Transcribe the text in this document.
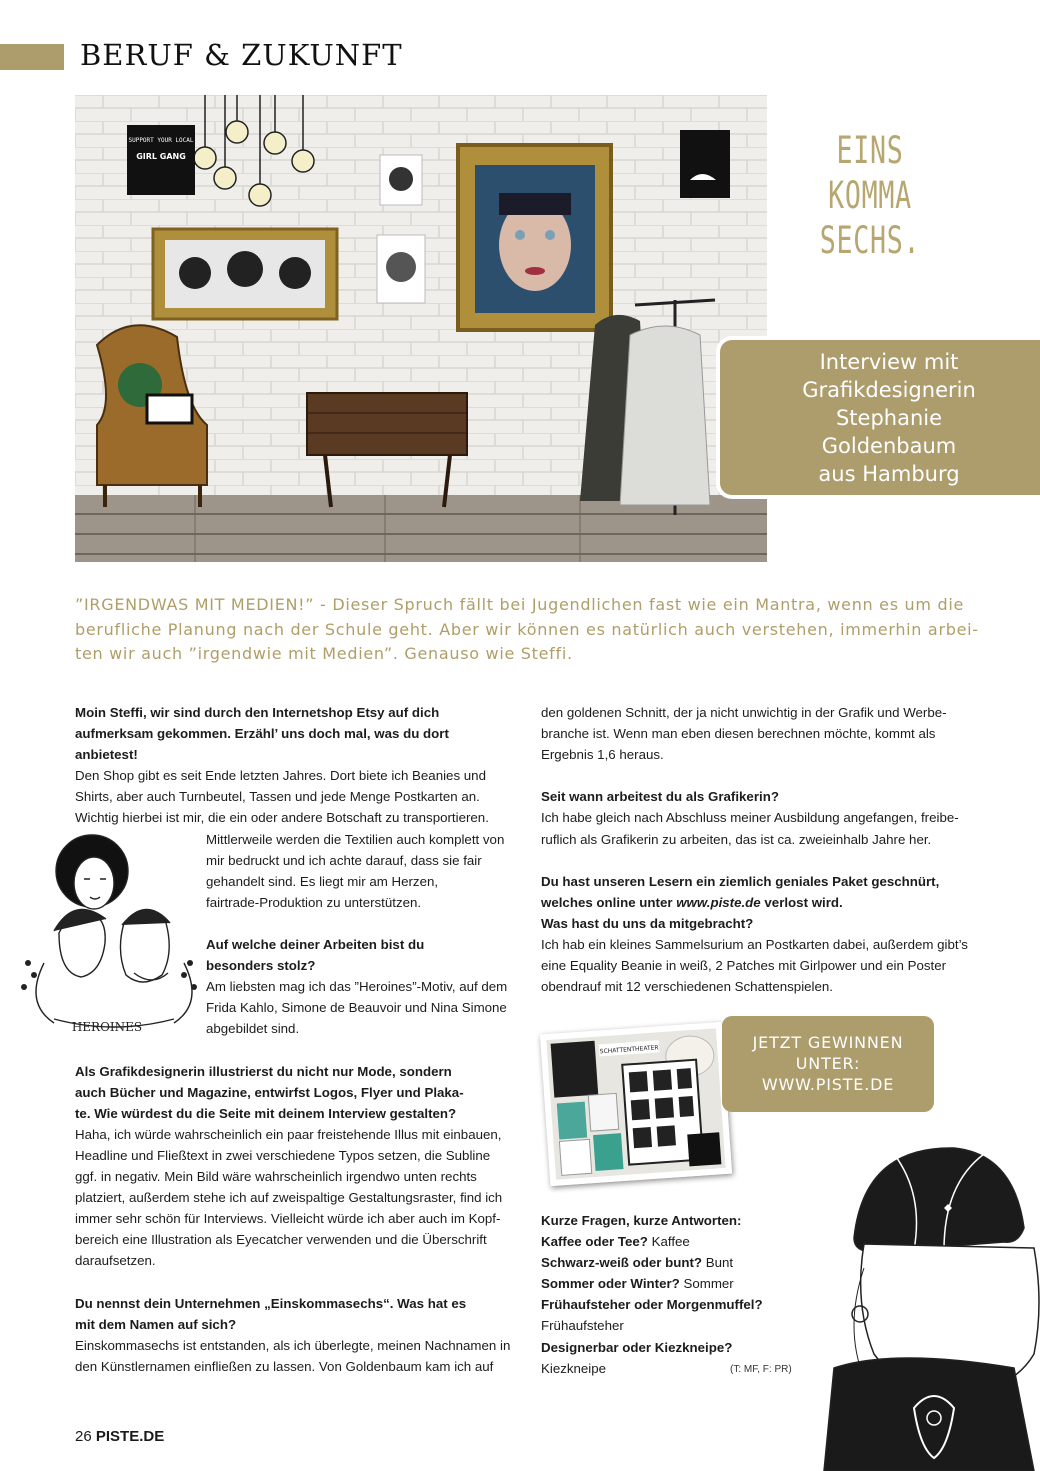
BERUF & ZUKUNFT
SUPPORT YOUR LOCAL
GIRL GANG	EINS
KOMMA
SECHS.
Interview mit
Grafikdesignerin
Stephanie
Goldenbaum
aus Hamburg
”IRGENDWAS MIT MEDIEN!” - Dieser Spruch fällt bei Jugendlichen fast wie ein Mantra, wenn es um die
berufliche Planung nach der Schule geht. Aber wir können es natürlich auch verstehen, immerhin arbei-
ten wir auch ”irgendwie mit Medien”. Genauso wie Steffi.
Moin Steffi, wir sind durch den Internetshop Etsy auf dich
aufmerksam gekommen. Erzähl’ uns doch mal, was du dort
anbietest!
Den Shop gibt es seit Ende letzten Jahres. Dort biete ich Beanies und
Shirts, aber auch Turnbeutel, Tassen und jede Menge Postkarten an.
Wichtig hierbei ist mir, die ein oder andere Botschaft zu transportieren.
Mittlerweile werden die Textilien auch komplett von
mir bedruckt und ich achte darauf, dass sie fair
gehandelt sind. Es liegt mir am Herzen,
fairtrade-Produktion zu unterstützen.
Auf welche deiner Arbeiten bist du
besonders stolz?
Am liebsten mag ich das ”Heroines”-Motiv, auf dem
Frida Kahlo, Simone de Beauvoir und Nina Simone
abgebildet sind.
Als Grafikdesignerin illustrierst du nicht nur Mode, sondern
auch Bücher und Magazine, entwirfst Logos, Flyer und Plaka-
te. Wie würdest du die Seite mit deinem Interview gestalten?
Haha, ich würde wahrscheinlich ein paar freistehende Illus mit einbauen,
Headline und Fließtext in zwei verschiedene Typos setzen, die Subline
ggf. in negativ. Mein Bild wäre wahrscheinlich irgendwo unten rechts
platziert, außerdem stehe ich auf zweispaltige Gestaltungsraster, find ich
immer sehr schön für Interviews. Vielleicht würde ich aber auch im Kopf-
bereich eine Illustration als Eyecatcher verwenden und die Überschrift
daraufsetzen.
Du nennst dein Unternehmen „Einskommasechs“. Was hat es
mit dem Namen auf sich?
Einskommasechs ist entstanden, als ich überlegte, meinen Nachnamen in
den Künstlernamen einfließen zu lassen. Von Goldenbaum kam ich auf
HEROINES
den goldenen Schnitt, der ja nicht unwichtig in der Grafik und Werbe-
branche ist. Wenn man eben diesen berechnen möchte, kommt als
Ergebnis 1,6 heraus.
Seit wann arbeitest du als Grafikerin?
Ich habe gleich nach Abschluss meiner Ausbildung angefangen, freibe-
ruflich als Grafikerin zu arbeiten, das ist ca. zweieinhalb Jahre her.
Du hast unseren Lesern ein ziemlich geniales Paket geschnürt,
welches online unter www.piste.de verlost wird.
Was hast du uns da mitgebracht?
Ich hab ein kleines Sammelsurium an Postkarten dabei, außerdem gibt’s
eine Equality Beanie in weiß, 2 Patches mit Girlpower und ein Poster
obendrauf mit 12 verschiedenen Schattenspielen.
SCHATTENTHEATER	JETZT GEWINNEN
UNTER:
WWW.PISTE.DE
Kurze Fragen, kurze Antworten:
Kaffee oder Tee? Kaffee
Schwarz-weiß oder bunt? Bunt
Sommer oder Winter? Sommer
Frühaufsteher oder Morgenmuffel?
Frühaufsteher
Designerbar oder Kiezkneipe?
Kiezkneipe	(T: MF, F: PR)
26 PISTE.DE
